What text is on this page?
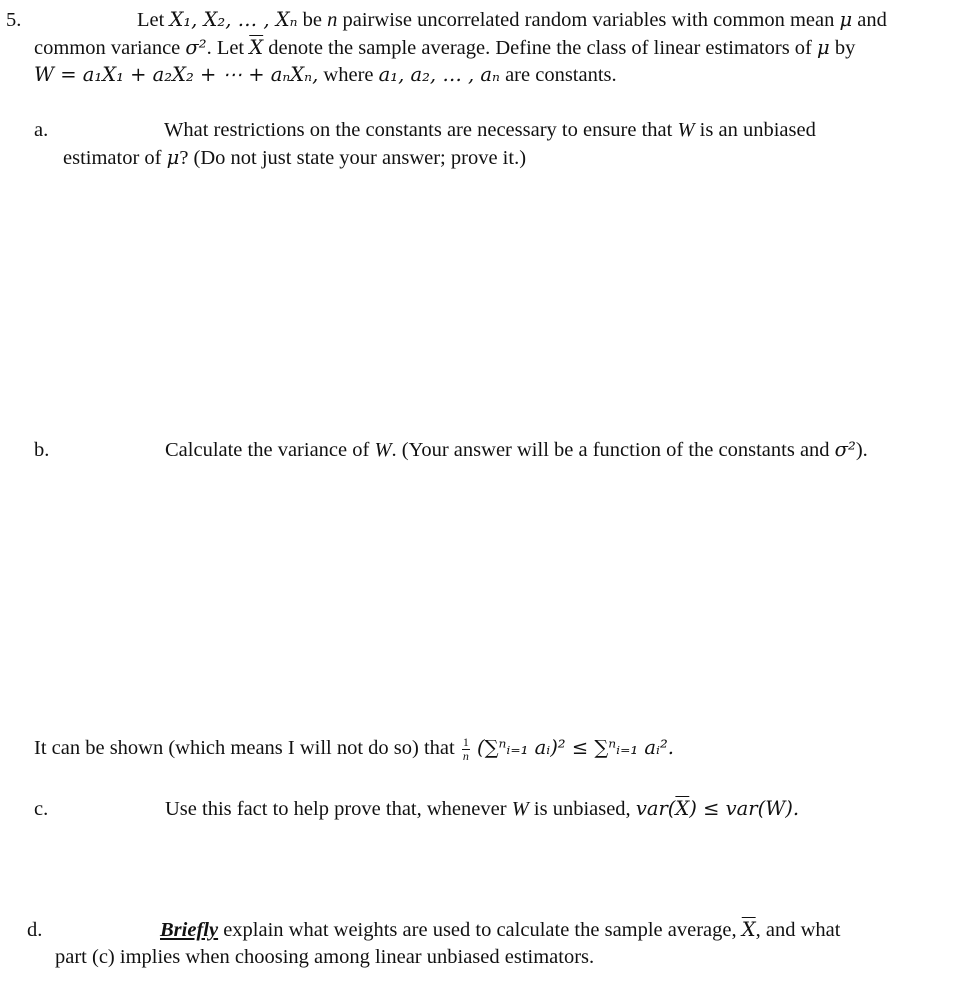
5.	Let X₁, X₂, … , Xₙ be n pairwise uncorrelated random variables with common mean μ and
common variance σ². Let $\overline{X}$ denote the sample average. Define the class of linear estimators of μ by
W = a₁X₁ + a₂X₂ + ⋯ + aₙXₙ, where a₁, a₂, … , aₙ are constants.
a.	What restrictions on the constants are necessary to ensure that W is an unbiased
estimator of μ? (Do not just state your answer; prove it.)
b.	Calculate the variance of W. (Your answer will be a function of the constants and σ²).
It can be shown (which means I will not do so) that $\frac{1}{n}$ (∑ⁿᵢ₌₁ aᵢ)² ≤ ∑ⁿᵢ₌₁ aᵢ².
c.	Use this fact to help prove that, whenever W is unbiased, $var(\overline{X}) \le var(W)$.
d.	Briefly explain what weights are used to calculate the sample average, $\overline{X}$, and what
part (c) implies when choosing among linear unbiased estimators.
